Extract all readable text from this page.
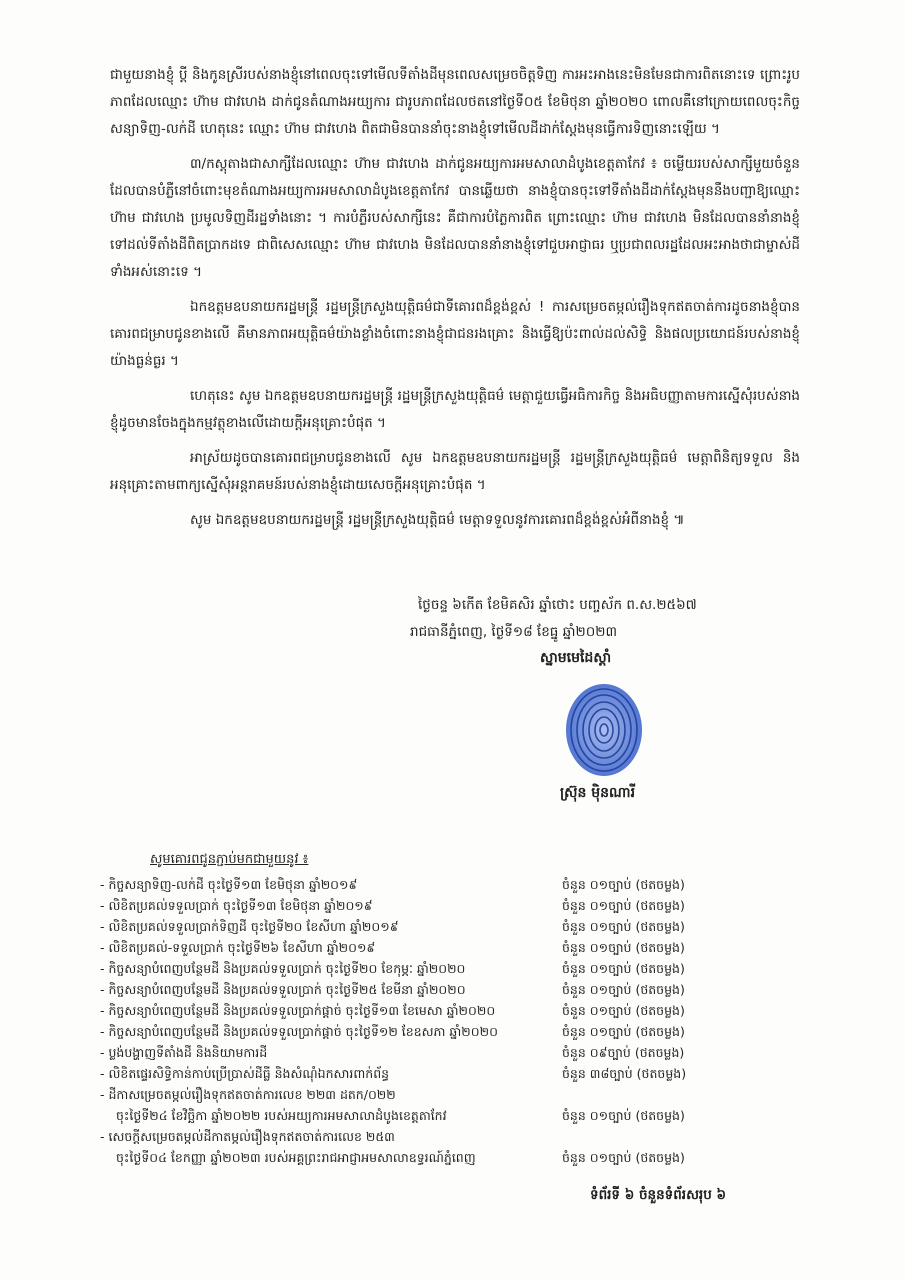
ជាមួយនាងខ្ញុំ ប្តី និងកូនស្រីរបស់នាងខ្ញុំនៅពេលចុះទៅមើលទីតាំងដីមុនពេលសម្រេចចិត្តទិញ ការអះអាងនេះមិនមែនជាការពិតនោះទេ ព្រោះរូបភាពដែលឈ្មោះ ហ៊ាម ជាវហេង ដាក់ជូនតំណាងអយ្យការ ជារូបភាពដែលថតនៅថ្ងៃទី០៥ ខែមិថុនា ឆ្នាំ២០២០ ពោលគឺនៅក្រោយពេលចុះកិច្ចសន្យាទិញ-លក់ដី ហេតុនេះ ឈ្មោះ ហ៊ាម ជាវហេង ពិតជាមិនបាននាំចុះនាងខ្ញុំទៅមើលដីដាក់ស្តែងមុនធ្វើការទិញនោះឡើយ ។

៣/កស្តុតាងជាសាក្សីដែលឈ្មោះ ហ៊ាម ជាវហេង ដាក់ជូនអយ្យការអមសាលាដំបូងខេត្តតាកែវ ៖ ចម្លើយរបស់សាក្សីមួយចំនួនដែលបានបំភ្លឺនៅចំពោះមុខតំណាងអយ្យការអមសាលាដំបូងខេត្តតាកែវ បានឆ្លើយថា នាងខ្ញុំបានចុះទៅទីតាំងដីដាក់ស្តែងមុននឹងបញ្ជាឱ្យឈ្មោះ ហ៊ាម ជាវហេង ប្រមូលទិញដីរដ្ឋទាំងនោះ ។ ការបំភ្លឺរបស់សាក្សីនេះ គឺជាការបំភ្លៃការពិត ព្រោះឈ្មោះ ហ៊ាម ជាវហេង មិនដែលបាននាំនាងខ្ញុំទៅដល់ទីតាំងដីពិតប្រាកដទេ ជាពិសេសឈ្មោះ ហ៊ាម ជាវហេង មិនដែលបាននាំនាងខ្ញុំទៅជួបអាជ្ញាធរ ឬប្រជាពលរដ្ឋដែលអះអាងថាជាម្ចាស់ដីទាំងអស់នោះទេ ។

ឯកឧត្តមឧបនាយករដ្ឋមន្ត្រី រដ្ឋមន្ត្រីក្រសួងយុត្តិធម៌ជាទីគោរពដ៏ខ្ពង់ខ្ពស់ ! ការសម្រេចតម្កល់រឿងទុកឥតចាត់ការដូចនាងខ្ញុំបានគោរពជម្រាបជូនខាងលើ គឺមានភាពអយុត្តិធម៌យ៉ាងខ្លាំងចំពោះនាងខ្ញុំជាជនរងគ្រោះ និងធ្វើឱ្យប៉ះពាល់ដល់សិទ្ធិ និងផលប្រយោជន៍របស់នាងខ្ញុំយ៉ាងធ្ងន់ធ្ងរ ។

ហេតុនេះ សូម ឯកឧត្តមឧបនាយករដ្ឋមន្ត្រី រដ្ឋមន្ត្រីក្រសួងយុត្តិធម៌ មេត្តាជួយធ្វើអធិការកិច្ច និងអធិបញ្ញាតាមការស្នើសុំរបស់នាងខ្ញុំដូចមានចែងក្នុងកម្មវត្ថុខាងលើដោយក្តីអនុគ្រោះបំផុត ។

អាស្រ័យដូចបានគោរពជម្រាបជូនខាងលើ សូម ឯកឧត្តមឧបនាយករដ្ឋមន្ត្រី រដ្ឋមន្ត្រីក្រសួងយុត្តិធម៌ មេត្តាពិនិត្យទទួល និង អនុគ្រោះតាមពាក្យស្នើសុំអន្តរាគមន៍របស់នាងខ្ញុំដោយសេចក្តីអនុគ្រោះបំផុត ។

សូម ឯកឧត្តមឧបនាយករដ្ឋមន្ត្រី រដ្ឋមន្ត្រីក្រសួងយុត្តិធម៌ មេត្តាទទួលនូវការគោរពដ៏ខ្ពង់ខ្ពស់អំពីនាងខ្ញុំ ៕

ថ្ងៃចន្ទ ៦កើត ខែមិគសិរ ឆ្នាំថោះ បញ្ចស័ក ព.ស.២៥៦៧
រាជធានីភ្នំពេញ, ថ្ងៃទី១៨ ខែធ្នូ ឆ្នាំ២០២៣
ស្នាមមេដៃស្តាំ
ស្រ៊ុន ម៉ិនណារី
សូមគោរពជូនភ្ជាប់មកជាមួយនូវ ៖
- កិច្ចសន្យាទិញ-លក់ដី ចុះថ្ងៃទី១៣ ខែមិថុនា ឆ្នាំ២០១៩	ចំនួន ០១ច្បាប់ (ថតចម្លង)
- លិខិតប្រគល់ទទួលប្រាក់ ចុះថ្ងៃទី១៣ ខែមិថុនា ឆ្នាំ២០១៩	ចំនួន ០១ច្បាប់ (ថតចម្លង)
- លិខិតប្រគល់ទទួលប្រាក់ទិញដី ចុះថ្ងៃទី២០ ខែសីហា ឆ្នាំ២០១៩	ចំនួន ០១ច្បាប់ (ថតចម្លង)
- លិខិតប្រគល់-ទទួលប្រាក់ ចុះថ្ងៃទី២៦ ខែសីហា ឆ្នាំ២០១៩	ចំនួន ០១ច្បាប់ (ថតចម្លង)
- កិច្ចសន្យាបំពេញបន្ថែមដី និងប្រគល់ទទួលប្រាក់ ចុះថ្ងៃទី២០ ខែកុម្ភៈ ឆ្នាំ២០២០	ចំនួន ០១ច្បាប់ (ថតចម្លង)
- កិច្ចសន្យាបំពេញបន្ថែមដី និងប្រគល់ទទួលប្រាក់ ចុះថ្ងៃទី២៥ ខែមីនា ឆ្នាំ២០២០	ចំនួន ០១ច្បាប់ (ថតចម្លង)
- កិច្ចសន្យាបំពេញបន្ថែមដី និងប្រគល់ទទួលប្រាក់ផ្តាច់ ចុះថ្ងៃទី១៣ ខែមេសា ឆ្នាំ២០២០	ចំនួន ០១ច្បាប់ (ថតចម្លង)
- កិច្ចសន្យាបំពេញបន្ថែមដី និងប្រគល់ទទួលប្រាក់ផ្តាច់ ចុះថ្ងៃទី១២ ខែឧសភា ឆ្នាំ២០២០	ចំនួន ០១ច្បាប់ (ថតចម្លង)
- ប្លង់បង្ហាញទីតាំងដី និងនិយាមការដី	ចំនួន ០៩ច្បាប់ (ថតចម្លង)
- លិខិតផ្ទេរសិទ្ធិកាន់កាប់ប្រើប្រាស់ដីធ្លី និងសំណុំឯកសារពាក់ព័ន្ធ	ចំនួន ៣៨ច្បាប់ (ថតចម្លង)
- ដីកាសម្រេចតម្កល់រឿងទុកឥតចាត់ការលេខ ២២៣ ដតក/០២២
ចុះថ្ងៃទី២៤ ខែវិច្ឆិកា ឆ្នាំ២០២២ របស់អយ្យការអមសាលាដំបូងខេត្តតាកែវ	ចំនួន ០១ច្បាប់ (ថតចម្លង)
- សេចក្តីសម្រេចតម្កល់ដីកាតម្កល់រឿងទុកឥតចាត់ការលេខ ២៥៣
ចុះថ្ងៃទី០៤ ខែកញ្ញា ឆ្នាំ២០២៣ របស់អគ្គព្រះរាជអាជ្ញាអមសាលាឧទ្ធរណ៍ភ្នំពេញ	ចំនួន ០១ច្បាប់ (ថតចម្លង)
ទំព័រទី ៦ ចំនួនទំព័រសរុប ៦
